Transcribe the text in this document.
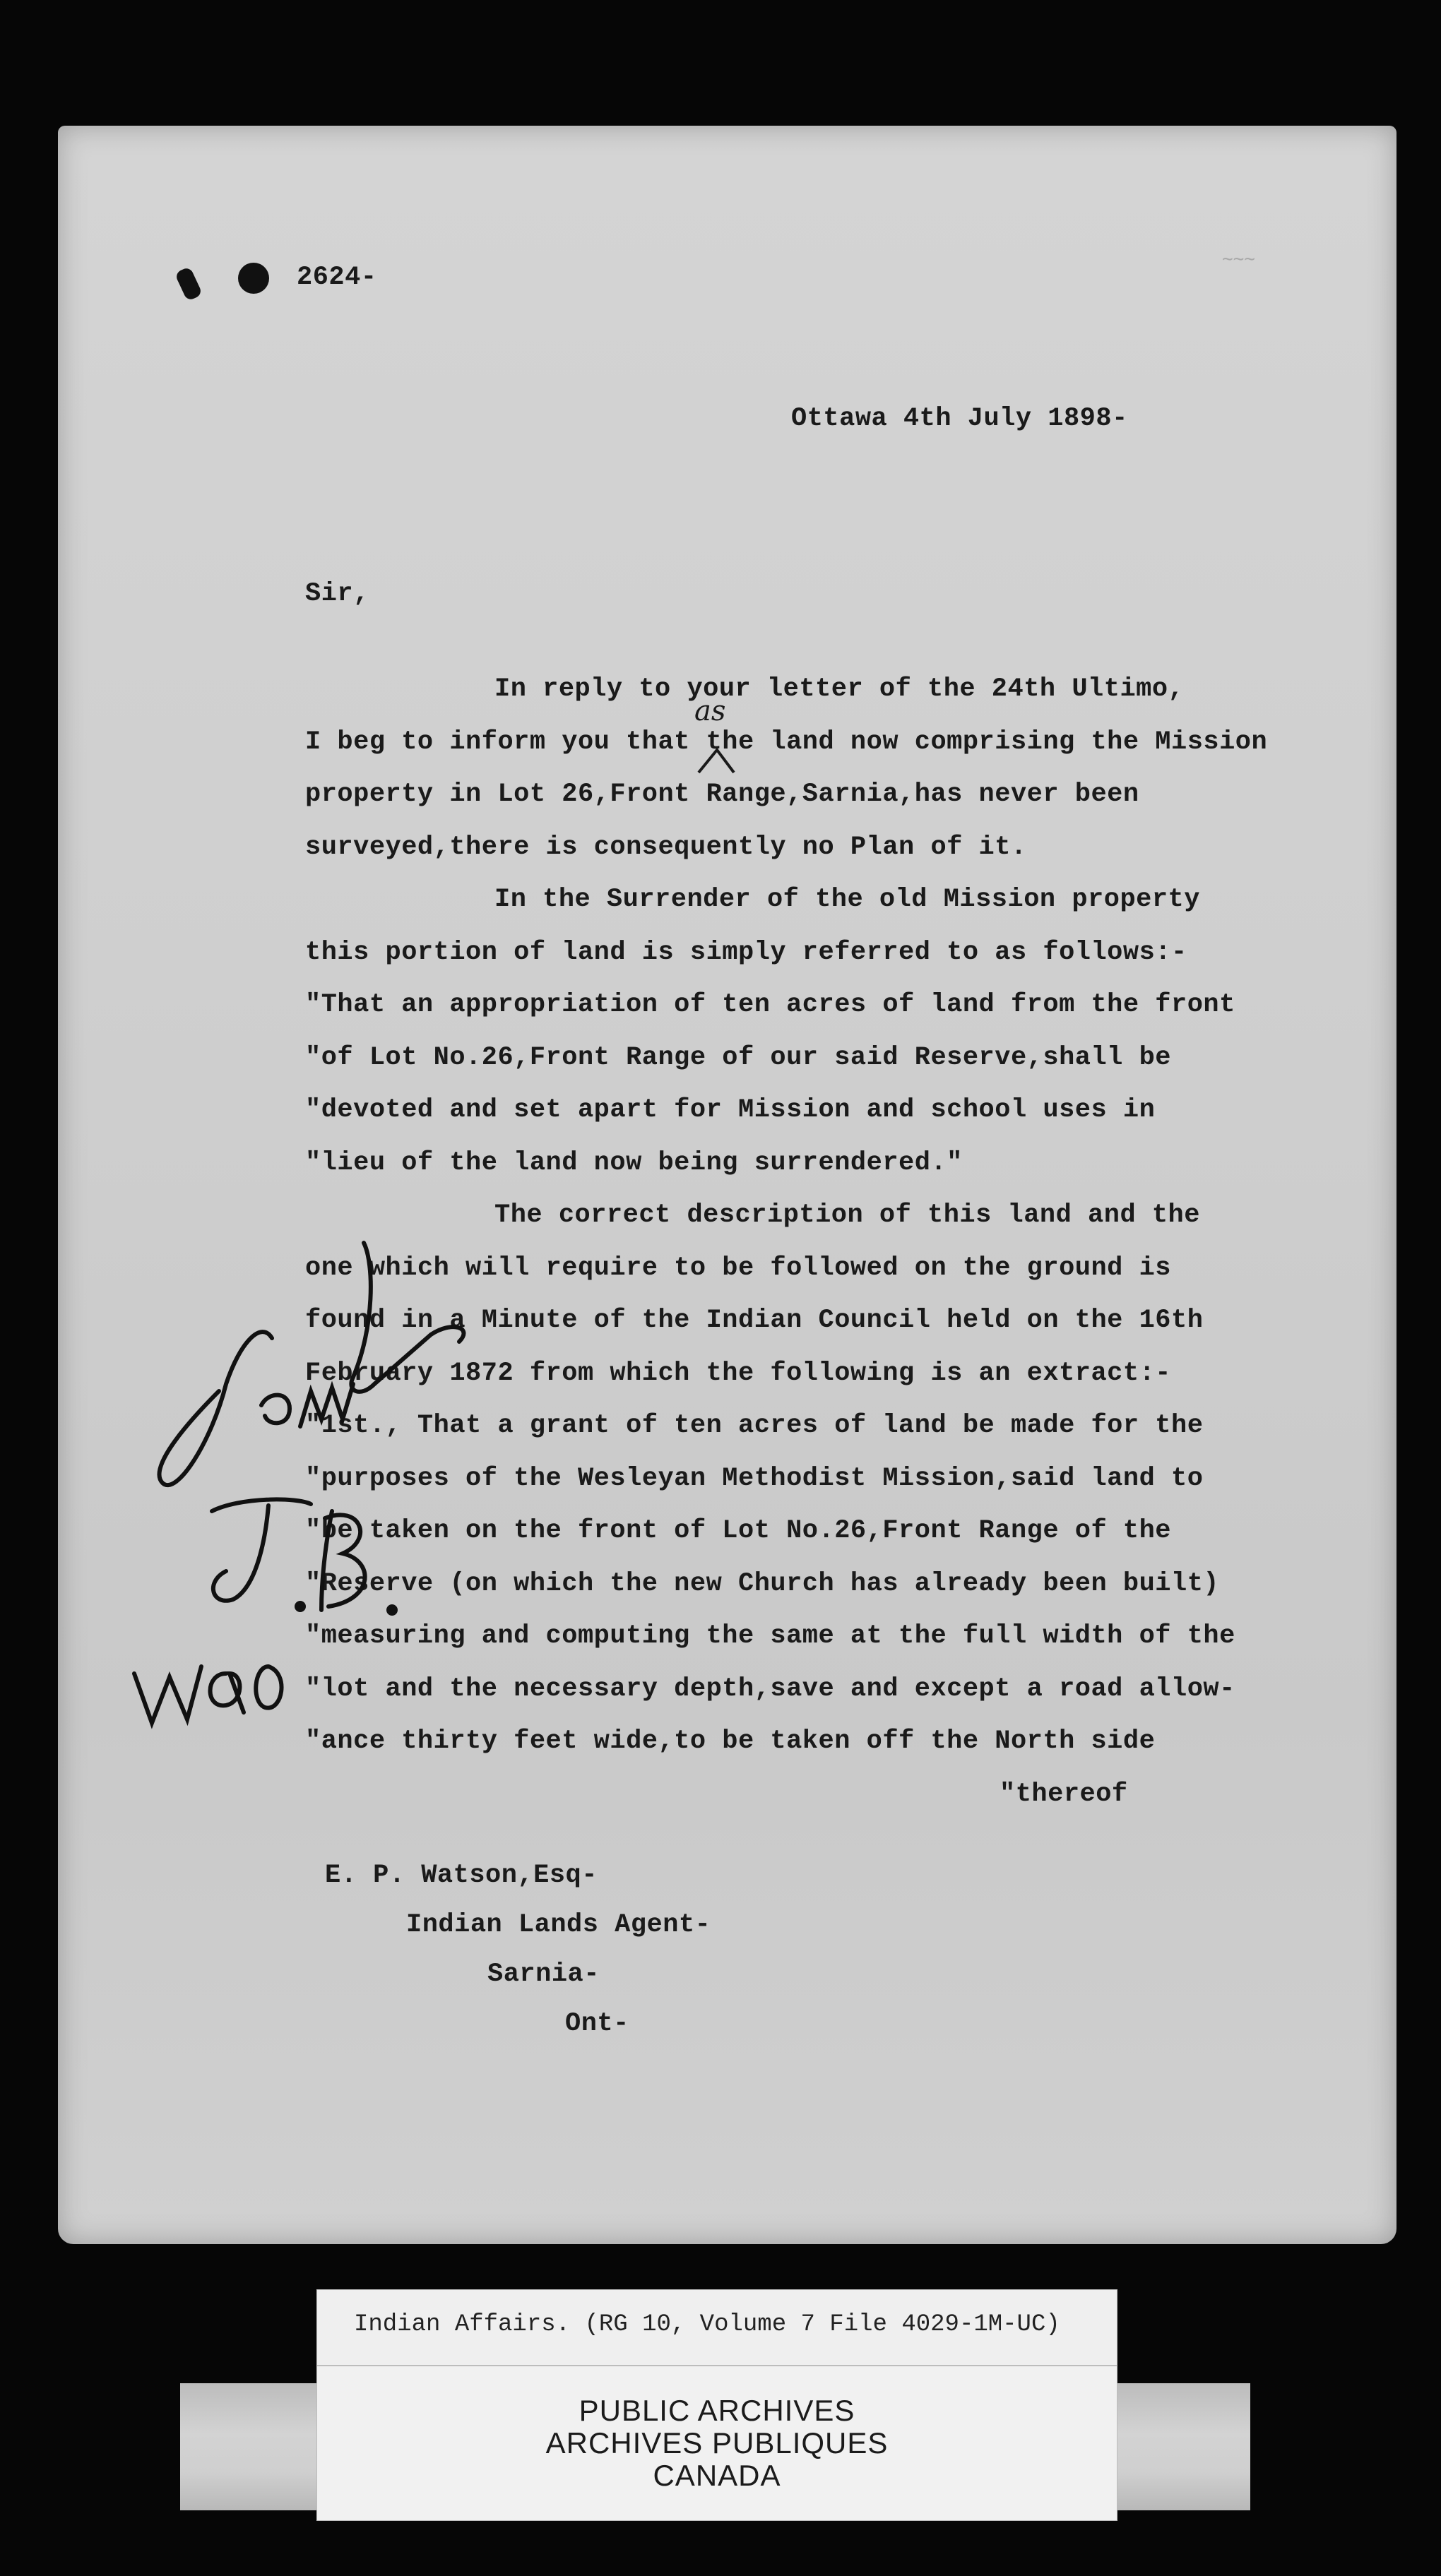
∼∼∼
2624-
Ottawa 4th July 1898-
Sir,
In reply to your letter of the 24th Ultimo,
I beg to inform you that the land now comprising the Mission
property in Lot 26,Front Range,Sarnia,has never been
surveyed,there is consequently no Plan of it.
In the Surrender of the old Mission property
this portion of land is simply referred to as follows:-
"That an appropriation of ten acres of land from the front
"of Lot No.26,Front Range of our said Reserve,shall be
"devoted and set apart for Mission and school uses in
"lieu of the land now being surrendered."
The correct description of this land and the
one which will require to be followed on the ground is
found in a Minute of the Indian Council held on the 16th
February 1872 from which the following is an extract:-
"1st., That a grant of ten acres of land be made for the
"purposes of the Wesleyan Methodist Mission,said land to
"be taken on the front of Lot No.26,Front Range of the
"Reserve (on which the new Church has already been built)
"measuring and computing the same at the full width of the
"lot and the necessary depth,save and except a road allow-
"ance thirty feet wide,to be taken off the North side
"thereof
as
E. P. Watson,Esq-
Indian Lands Agent-
Sarnia-
Ont-
Indian Affairs. (RG 10, Volume 7 File 4029-1M-UC)
PUBLIC ARCHIVES
ARCHIVES PUBLIQUES
CANADA
